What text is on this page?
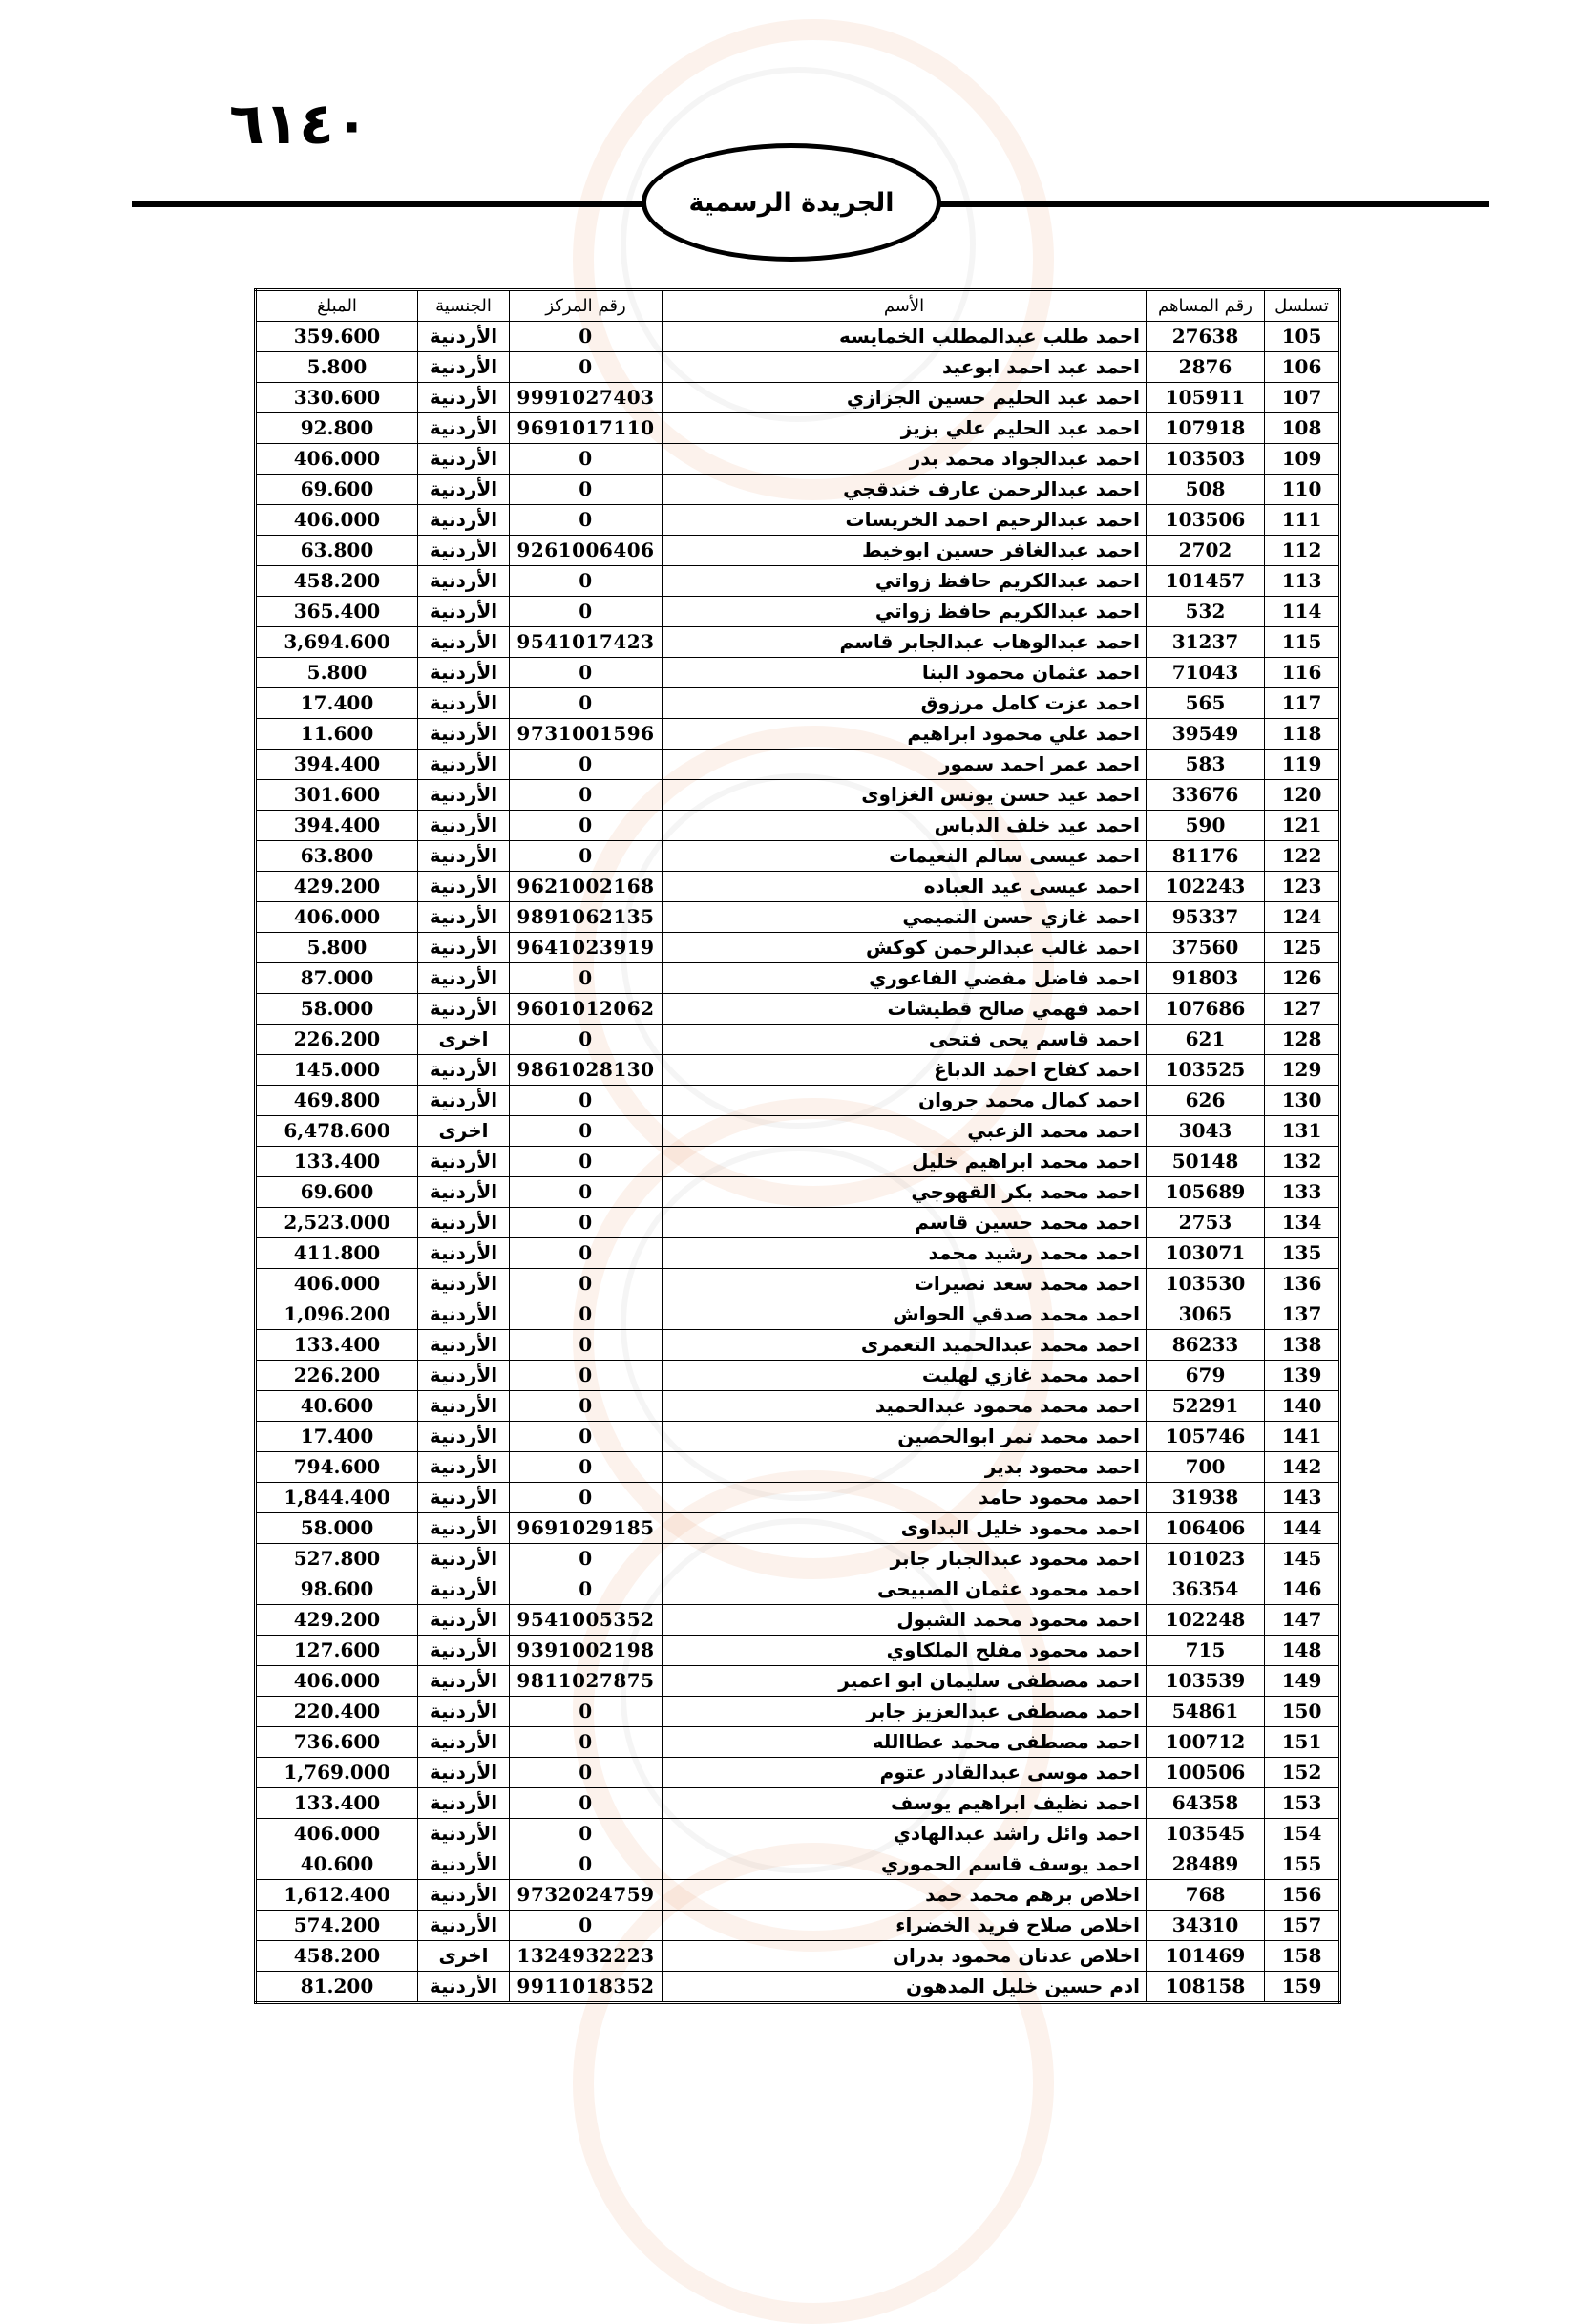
٦١٤٠
الجريدة الرسمية
تسلسل	رقم المساهم	الأسم	رقم المركز	الجنسية	المبلغ
105	27638	احمد طلب عبدالمطلب الخمايسه	0	الأردنية	359.600
106	2876	احمد عبد احمد ابوعيد	0	الأردنية	5.800
107	105911	احمد عبد الحليم حسين الجزازي	9991027403	الأردنية	330.600
108	107918	احمد عبد الحليم علي بزيز	9691017110	الأردنية	92.800
109	103503	احمد عبدالجواد محمد بدر	0	الأردنية	406.000
110	508	احمد عبدالرحمن عارف خندقجي	0	الأردنية	69.600
111	103506	احمد عبدالرحيم احمد الخريسات	0	الأردنية	406.000
112	2702	احمد عبدالغافر حسين ابوخيط	9261006406	الأردنية	63.800
113	101457	احمد عبدالكريم حافظ زواتي	0	الأردنية	458.200
114	532	احمد عبدالكريم حافظ زواتي	0	الأردنية	365.400
115	31237	احمد عبدالوهاب عبدالجابر قاسم	9541017423	الأردنية	3,694.600
116	71043	احمد عثمان محمود البنا	0	الأردنية	5.800
117	565	احمد عزت كامل مرزوق	0	الأردنية	17.400
118	39549	احمد علي محمود ابراهيم	9731001596	الأردنية	11.600
119	583	احمد عمر احمد سمور	0	الأردنية	394.400
120	33676	احمد عيد حسن يونس الغزاوى	0	الأردنية	301.600
121	590	احمد عيد خلف الدباس	0	الأردنية	394.400
122	81176	احمد عيسى سالم النعيمات	0	الأردنية	63.800
123	102243	احمد عيسى عيد العباده	9621002168	الأردنية	429.200
124	95337	احمد غازي حسن التميمي	9891062135	الأردنية	406.000
125	37560	احمد غالب عبدالرحمن كوكش	9641023919	الأردنية	5.800
126	91803	احمد فاضل مفضي الفاعوري	0	الأردنية	87.000
127	107686	احمد فهمي صالح قطيشات	9601012062	الأردنية	58.000
128	621	احمد قاسم يحى فتحى	0	اخرى	226.200
129	103525	احمد كفاح احمد الدباغ	9861028130	الأردنية	145.000
130	626	احمد كمال محمد جروان	0	الأردنية	469.800
131	3043	احمد محمد الزعبي	0	اخرى	6,478.600
132	50148	احمد محمد ابراهيم خليل	0	الأردنية	133.400
133	105689	احمد محمد بكر القهوجي	0	الأردنية	69.600
134	2753	احمد محمد حسين قاسم	0	الأردنية	2,523.000
135	103071	احمد محمد رشيد محمد	0	الأردنية	411.800
136	103530	احمد محمد سعد نصيرات	0	الأردنية	406.000
137	3065	احمد محمد صدقي الحواش	0	الأردنية	1,096.200
138	86233	احمد محمد عبدالحميد التعمرى	0	الأردنية	133.400
139	679	احمد محمد غازي لهليت	0	الأردنية	226.200
140	52291	احمد محمد محمود عبدالحميد	0	الأردنية	40.600
141	105746	احمد محمد نمر ابوالحصين	0	الأردنية	17.400
142	700	احمد محمود بدير	0	الأردنية	794.600
143	31938	احمد محمود حامد	0	الأردنية	1,844.400
144	106406	احمد محمود خليل البداوى	9691029185	الأردنية	58.000
145	101023	احمد محمود عبدالجبار جابر	0	الأردنية	527.800
146	36354	احمد محمود عثمان الصبيحى	0	الأردنية	98.600
147	102248	احمد محمود محمد الشبول	9541005352	الأردنية	429.200
148	715	احمد محمود مفلح الملكاوي	9391002198	الأردنية	127.600
149	103539	احمد مصطفى سليمان ابو اعمير	9811027875	الأردنية	406.000
150	54861	احمد مصطفى عبدالعزيز جابر	0	الأردنية	220.400
151	100712	احمد مصطفى محمد عطاالله	0	الأردنية	736.600
152	100506	احمد موسى عبدالقادر عتوم	0	الأردنية	1,769.000
153	64358	احمد نظيف ابراهيم يوسف	0	الأردنية	133.400
154	103545	احمد وائل راشد عبدالهادي	0	الأردنية	406.000
155	28489	احمد يوسف قاسم الحموري	0	الأردنية	40.600
156	768	اخلاص برهم محمد حمد	9732024759	الأردنية	1,612.400
157	34310	اخلاص صلاح فريد الخضراء	0	الأردنية	574.200
158	101469	اخلاص عدنان محمود بدران	1324932223	اخرى	458.200
159	108158	ادم حسين خليل المدهون	9911018352	الأردنية	81.200
